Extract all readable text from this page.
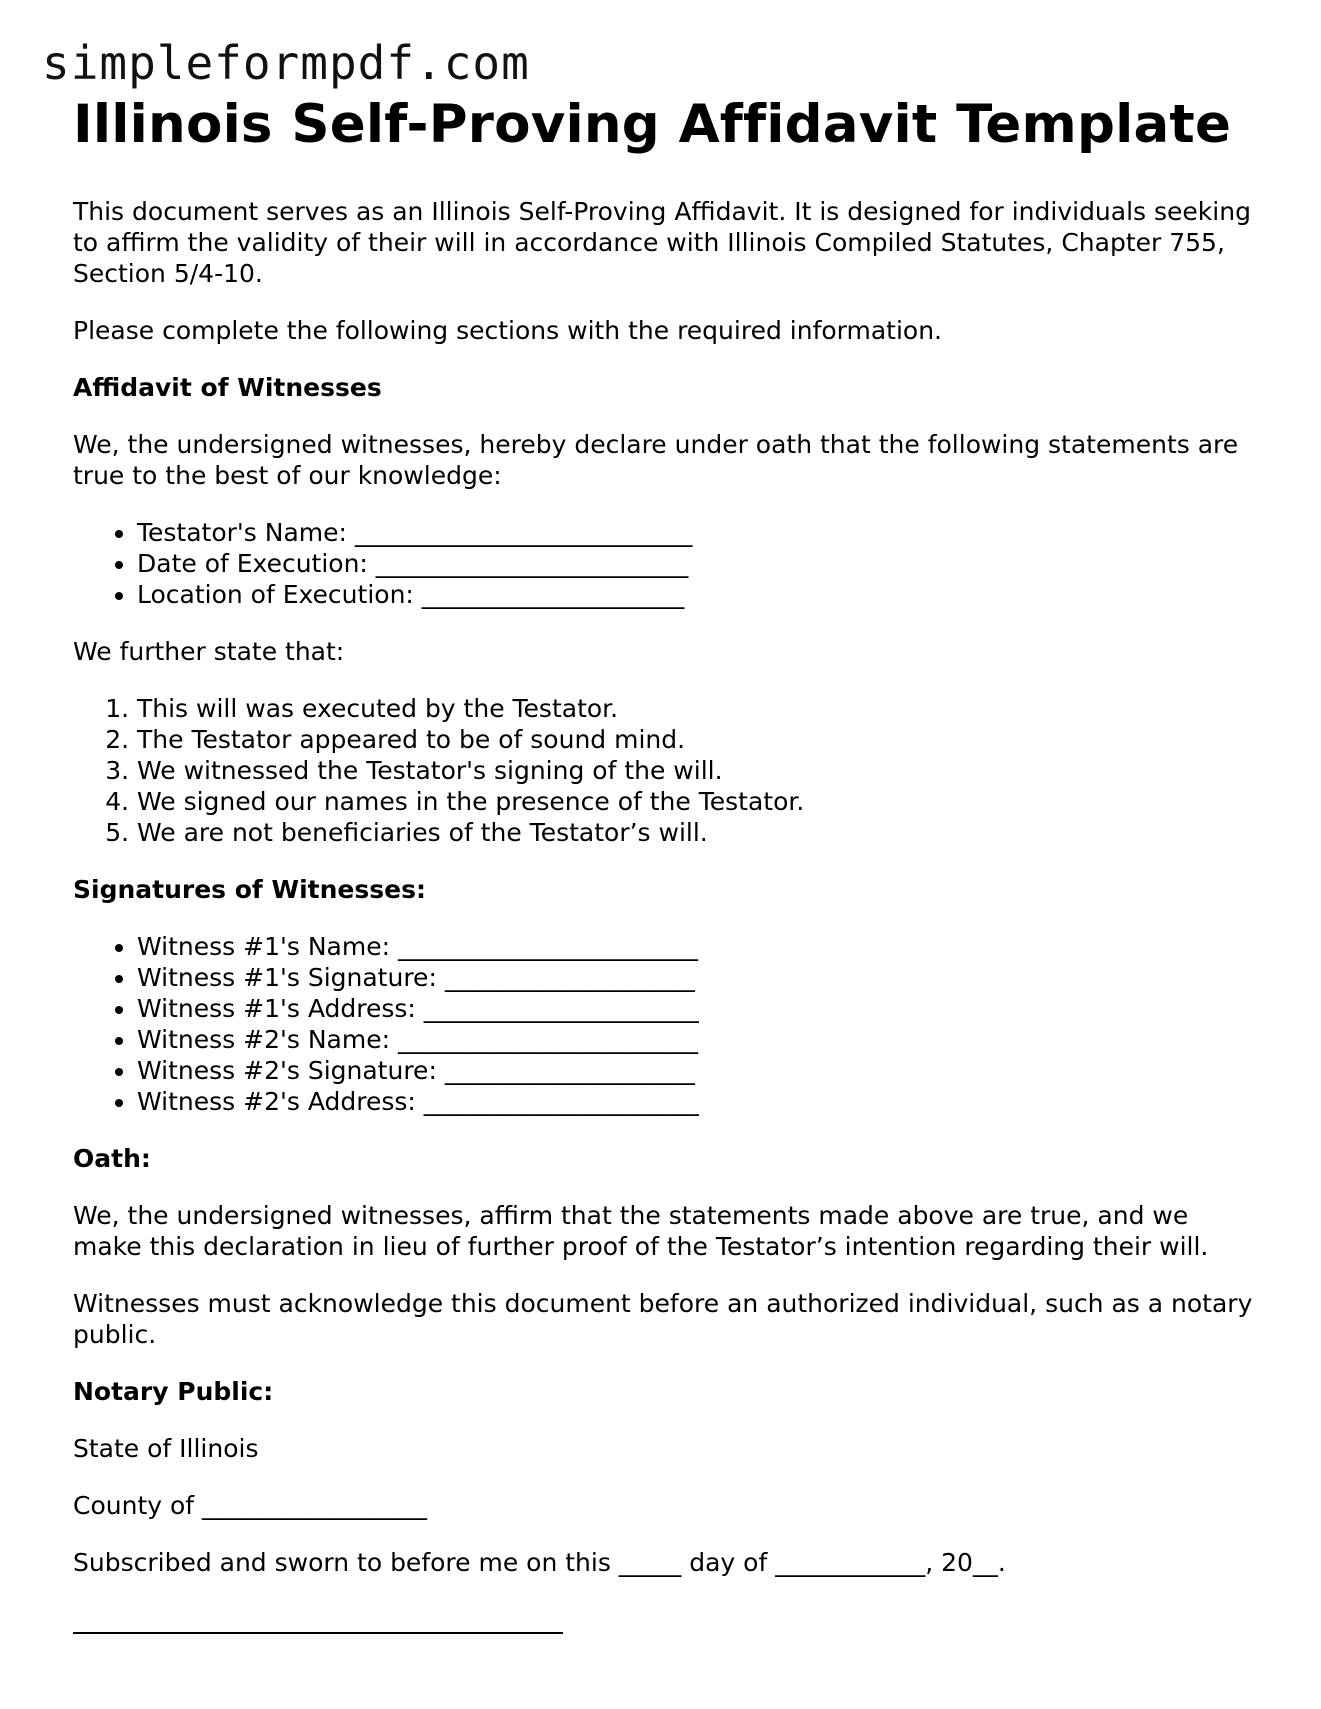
simpleformpdf.com
Illinois Self-Proving Affidavit Template

This document serves as an Illinois Self-Proving Affidavit. It is designed for individuals seeking to affirm the validity of their will in accordance with Illinois Compiled Statutes, Chapter 755, Section 5/4-10.

Please complete the following sections with the required information.

Affidavit of Witnesses

We, the undersigned witnesses, hereby declare under oath that the following statements are true to the best of our knowledge:

• Testator's Name: ___________________________
• Date of Execution: _________________________
• Location of Execution: _____________________

We further state that:

1. This will was executed by the Testator.
2. The Testator appeared to be of sound mind.
3. We witnessed the Testator's signing of the will.
4. We signed our names in the presence of the Testator.
5. We are not beneficiaries of the Testator’s will.
Signatures of Witnesses:
• Witness #1's Name: ________________________
• Witness #1's Signature: ____________________
• Witness #1's Address: ______________________
• Witness #2's Name: ________________________
• Witness #2's Signature: ____________________
• Witness #2's Address: ______________________
Oath:

We, the undersigned witnesses, affirm that the statements made above are true, and we make this declaration in lieu of further proof of the Testator’s intention regarding their will.

Witnesses must acknowledge this document before an authorized individual, such as a notary public.

Notary Public:

State of Illinois

County of __________________

Subscribed and sworn to before me on this _____ day of ____________, 20__.
